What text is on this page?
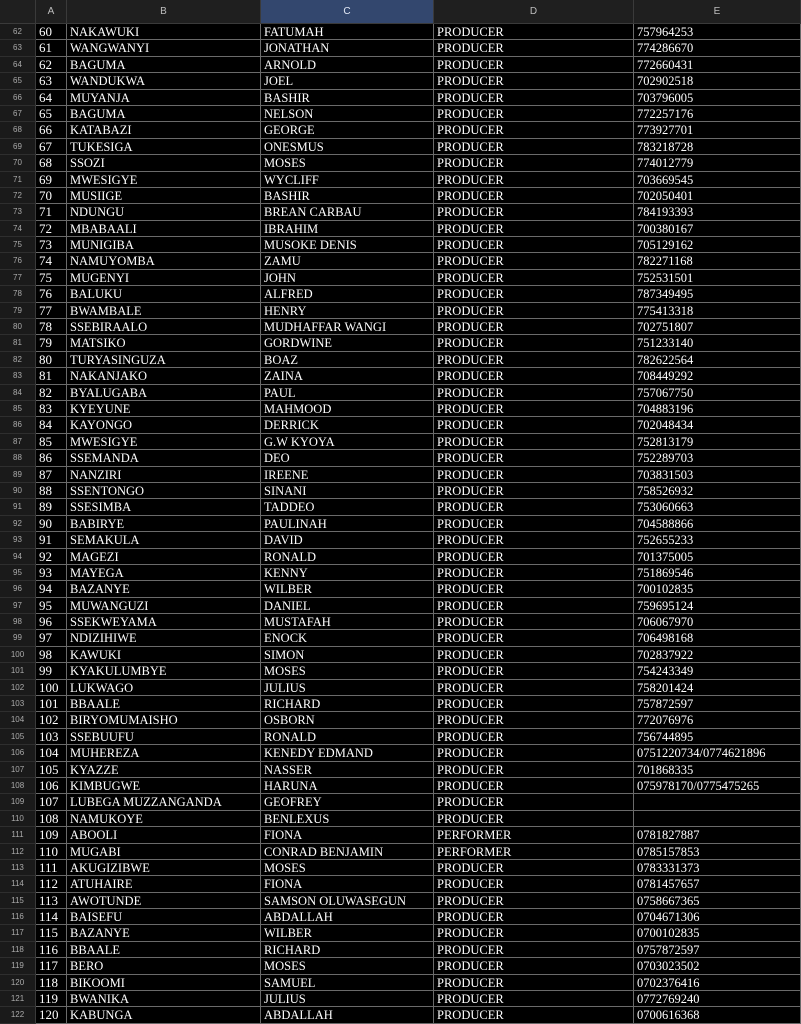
A	B	C	D	E
62	60	NAKAWUKI	FATUMAH	PRODUCER	757964253
63	61	WANGWANYI	JONATHAN	PRODUCER	774286670
64	62	BAGUMA	ARNOLD	PRODUCER	772660431
65	63	WANDUKWA	JOEL	PRODUCER	702902518
66	64	MUYANJA	BASHIR	PRODUCER	703796005
67	65	BAGUMA	NELSON	PRODUCER	772257176
68	66	KATABAZI	GEORGE	PRODUCER	773927701
69	67	TUKESIGA	ONESMUS	PRODUCER	783218728
70	68	SSOZI	MOSES	PRODUCER	774012779
71	69	MWESIGYE	WYCLIFF	PRODUCER	703669545
72	70	MUSIIGE	BASHIR	PRODUCER	702050401
73	71	NDUNGU	BREAN CARBAU	PRODUCER	784193393
74	72	MBABAALI	IBRAHIM	PRODUCER	700380167
75	73	MUNIGIBA	MUSOKE DENIS	PRODUCER	705129162
76	74	NAMUYOMBA	ZAMU	PRODUCER	782271168
77	75	MUGENYI	JOHN	PRODUCER	752531501
78	76	BALUKU	ALFRED	PRODUCER	787349495
79	77	BWAMBALE	HENRY	PRODUCER	775413318
80	78	SSEBIRAALO	MUDHAFFAR WANGI	PRODUCER	702751807
81	79	MATSIKO	GORDWINE	PRODUCER	751233140
82	80	TURYASINGUZA	BOAZ	PRODUCER	782622564
83	81	NAKANJAKO	ZAINA	PRODUCER	708449292
84	82	BYALUGABA	PAUL	PRODUCER	757067750
85	83	KYEYUNE	MAHMOOD	PRODUCER	704883196
86	84	KAYONGO	DERRICK	PRODUCER	702048434
87	85	MWESIGYE	G.W KYOYA	PRODUCER	752813179
88	86	SSEMANDA	DEO	PRODUCER	752289703
89	87	NANZIRI	IREENE	PRODUCER	703831503
90	88	SSENTONGO	SINANI	PRODUCER	758526932
91	89	SSESIMBA	TADDEO	PRODUCER	753060663
92	90	BABIRYE	PAULINAH	PRODUCER	704588866
93	91	SEMAKULA	DAVID	PRODUCER	752655233
94	92	MAGEZI	RONALD	PRODUCER	701375005
95	93	MAYEGA	KENNY	PRODUCER	751869546
96	94	BAZANYE	WILBER	PRODUCER	700102835
97	95	MUWANGUZI	DANIEL	PRODUCER	759695124
98	96	SSEKWEYAMA	MUSTAFAH	PRODUCER	706067970
99	97	NDIZIHIWE	ENOCK	PRODUCER	706498168
100	98	KAWUKI	SIMON	PRODUCER	702837922
101	99	KYAKULUMBYE	MOSES	PRODUCER	754243349
102	100 LUKWAGO	JULIUS	PRODUCER	758201424
103	101 BBAALE	RICHARD	PRODUCER	757872597
104	102 BIRYOMUMAISHO	OSBORN	PRODUCER	772076976
105	103 SSEBUUFU	RONALD	PRODUCER	756744895
106	104 MUHEREZA	KENEDY EDMAND	PRODUCER	0751220734/0774621896
107	105 KYAZZE	NASSER	PRODUCER	701868335
108	106 KIMBUGWE	HARUNA	PRODUCER	075978170/0775475265
109	107 LUBEGA MUZZANGANDA	GEOFREY	PRODUCER
110	108 NAMUKOYE	BENLEXUS	PRODUCER
111	109 ABOOLI	FIONA	PERFORMER	0781827887
112	110 MUGABI	CONRAD BENJAMIN	PERFORMER	0785157853
113	111 AKUGIZIBWE	MOSES	PRODUCER	0783331373
114	112 ATUHAIRE	FIONA	PRODUCER	0781457657
115	113 AWOTUNDE	SAMSON OLUWASEGUN	PRODUCER	0758667365
116	114 BAISEFU	ABDALLAH	PRODUCER	0704671306
117	115 BAZANYE	WILBER	PRODUCER	0700102835
118	116 BBAALE	RICHARD	PRODUCER	0757872597
119	117 BERO	MOSES	PRODUCER	0703023502
120	118 BIKOOMI	SAMUEL	PRODUCER	0702376416
121	119 BWANIKA	JULIUS	PRODUCER	0772769240
122	120 KABUNGA	ABDALLAH	PRODUCER	0700616368
